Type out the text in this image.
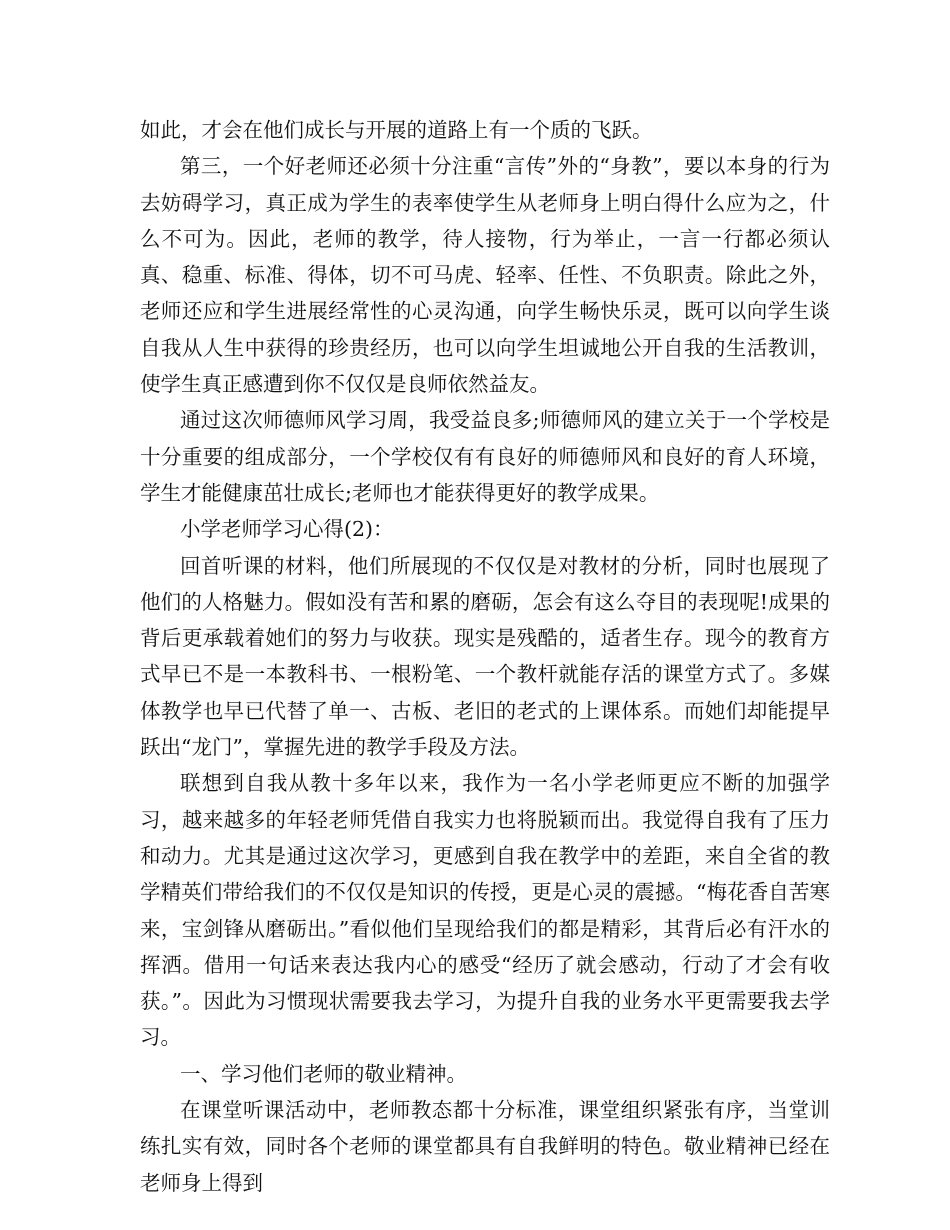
如此，才会在他们成长与开展的道路上有一个质的飞跃。

第三，一个好老师还必须十分注重“言传”外的“身教”，要以本身的行为去妨碍学习，真正成为学生的表率使学生从老师身上明白得什么应为之，什么不可为。因此，老师的教学，待人接物，行为举止，一言一行都必须认真、稳重、标准、得体，切不可马虎、轻率、任性、不负职责。除此之外，老师还应和学生进展经常性的心灵沟通，向学生畅快乐灵，既可以向学生谈自我从人生中获得的珍贵经历，也可以向学生坦诚地公开自我的生活教训，使学生真正感遭到你不仅仅是良师依然益友。

通过这次师德师风学习周，我受益良多;师德师风的建立关于一个学校是十分重要的组成部分，一个学校仅有有良好的师德师风和良好的育人环境，学生才能健康茁壮成长;老师也才能获得更好的教学成果。

小学老师学习心得(2)：

回首听课的材料，他们所展现的不仅仅是对教材的分析，同时也展现了他们的人格魅力。假如没有苦和累的磨砺，怎会有这么夺目的表现呢!成果的背后更承载着她们的努力与收获。现实是残酷的，适者生存。现今的教育方式早已不是一本教科书、一根粉笔、一个教杆就能存活的课堂方式了。多媒体教学也早已代替了单一、古板、老旧的老式的上课体系。而她们却能提早跃出“龙门”，掌握先进的教学手段及方法。

联想到自我从教十多年以来，我作为一名小学老师更应不断的加强学习，越来越多的年轻老师凭借自我实力也将脱颖而出。我觉得自我有了压力和动力。尤其是通过这次学习，更感到自我在教学中的差距，来自全省的教学精英们带给我们的不仅仅是知识的传授，更是心灵的震撼。“梅花香自苦寒来，宝剑锋从磨砺出。”看似他们呈现给我们的都是精彩，其背后必有汗水的挥洒。借用一句话来表达我内心的感受“经历了就会感动，行动了才会有收获。”。因此为习惯现状需要我去学习，为提升自我的业务水平更需要我去学习。

一、学习他们老师的敬业精神。

在课堂听课活动中，老师教态都十分标准，课堂组织紧张有序，当堂训练扎实有效，同时各个老师的课堂都具有自我鲜明的特色。敬业精神已经在老师身上得到
